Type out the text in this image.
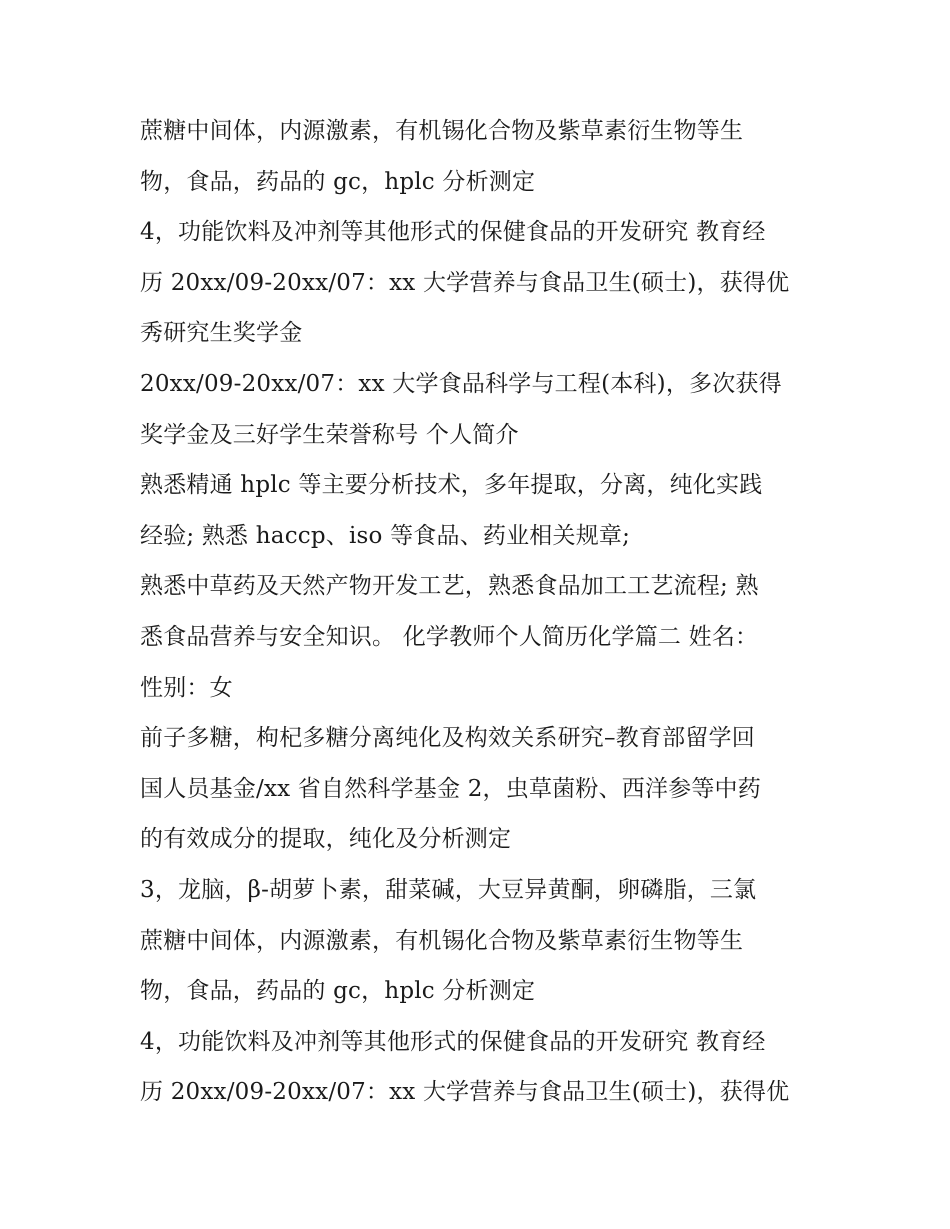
蔗糖中间体，内源激素，有机锡化合物及紫草素衍生物等生
物，食品，药品的 gc，hplc 分析测定
4，功能饮料及冲剂等其他形式的保健食品的开发研究 教育经
历 20xx/09-20xx/07：xx 大学营养与食品卫生(硕士)，获得优
秀研究生奖学金
20xx/09-20xx/07：xx 大学食品科学与工程(本科)，多次获得
奖学金及三好学生荣誉称号 个人简介
熟悉精通 hplc 等主要分析技术，多年提取，分离，纯化实践
经验; 熟悉 haccp、iso 等食品、药业相关规章;
熟悉中草药及天然产物开发工艺，熟悉食品加工工艺流程; 熟
悉食品营养与安全知识。 化学教师个人简历化学篇二 姓名：
性别：女
前子多糖，枸杞多糖分离纯化及构效关系研究–教育部留学回
国人员基金/xx 省自然科学基金 2，虫草菌粉、西洋参等中药
的有效成分的提取，纯化及分析测定
3，龙脑，β-胡萝卜素，甜菜碱，大豆异黄酮，卵磷脂，三氯
蔗糖中间体，内源激素，有机锡化合物及紫草素衍生物等生
物，食品，药品的 gc，hplc 分析测定
4，功能饮料及冲剂等其他形式的保健食品的开发研究 教育经
历 20xx/09-20xx/07：xx 大学营养与食品卫生(硕士)，获得优
